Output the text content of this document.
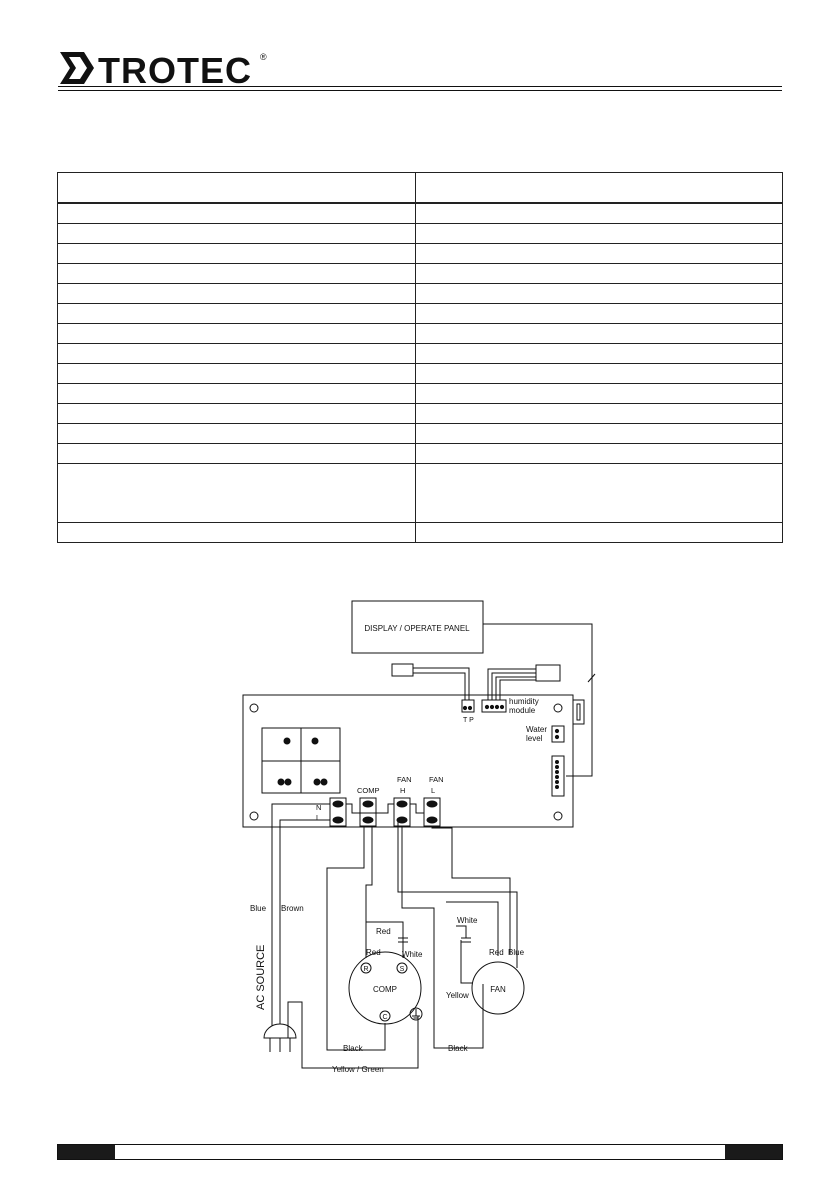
TROTEC ®

DISPLAY / OPERATE PANEL
T P
humidity
module
Water
level
COMP
FAN
H
FAN
L
N
L
Blue Brown
AC SOURCE
Yellow / Green
Red
Red	White
R	S
C
COMP
Black
White
Red Blue
Yellow
FAN
Black
